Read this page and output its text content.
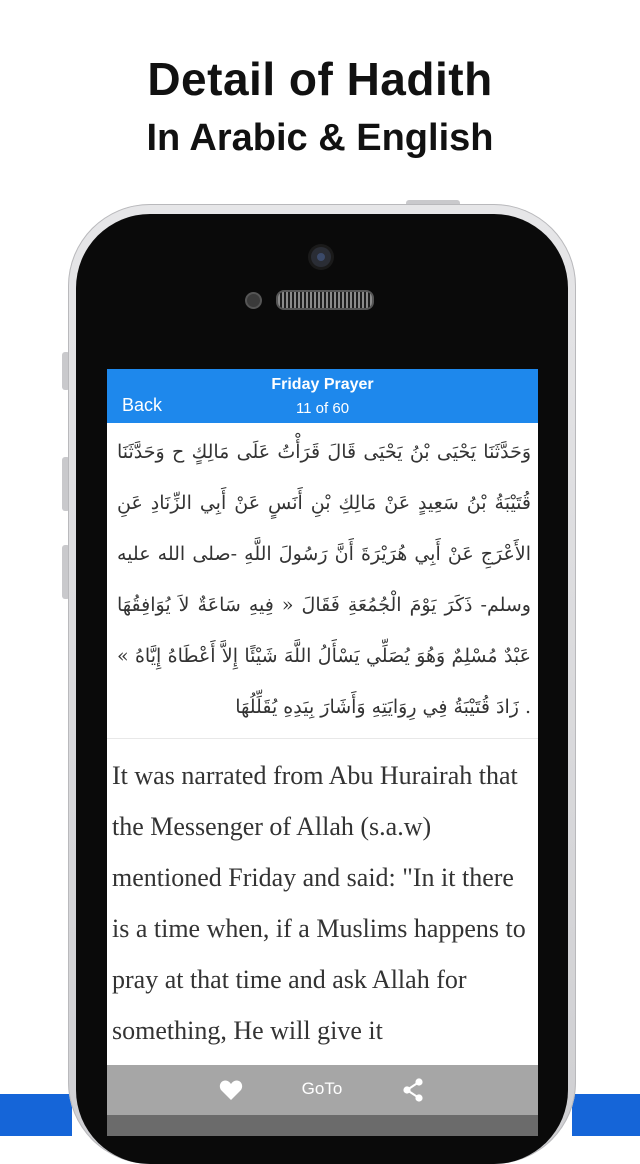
Detail of Hadith
In Arabic & English
Back
Friday Prayer
11 of 60
وَحَدَّثَنَا يَحْيَى بْنُ يَحْيَى قَالَ قَرَأْتُ عَلَى مَالِكٍ ح وَحَدَّثَنَا قُتَيْبَةُ بْنُ سَعِيدٍ عَنْ مَالِكِ بْنِ أَنَسٍ عَنْ أَبِي الزِّنَادِ عَنِ الأَعْرَجِ عَنْ أَبِي هُرَيْرَةَ أَنَّ رَسُولَ اللَّهِ -صلى الله عليه وسلم- ذَكَرَ يَوْمَ الْجُمُعَةِ فَقَالَ « فِيهِ سَاعَةٌ لاَ يُوَافِقُهَا عَبْدٌ مُسْلِمٌ وَهُوَ يُصَلِّي يَسْأَلُ اللَّهَ شَيْئًا إِلاَّ أَعْطَاهُ إِيَّاهُ » . زَادَ قُتَيْبَةُ فِي رِوَايَتِهِ وَأَشَارَ بِيَدِهِ يُقَلِّلُهَا
It was narrated from Abu Hurairah that the Messenger of Allah (s.a.w) mentioned Friday and said: "In it there is a time when, if a Muslims happens to pray at that time and ask Allah for something, He will give it
GoTo
